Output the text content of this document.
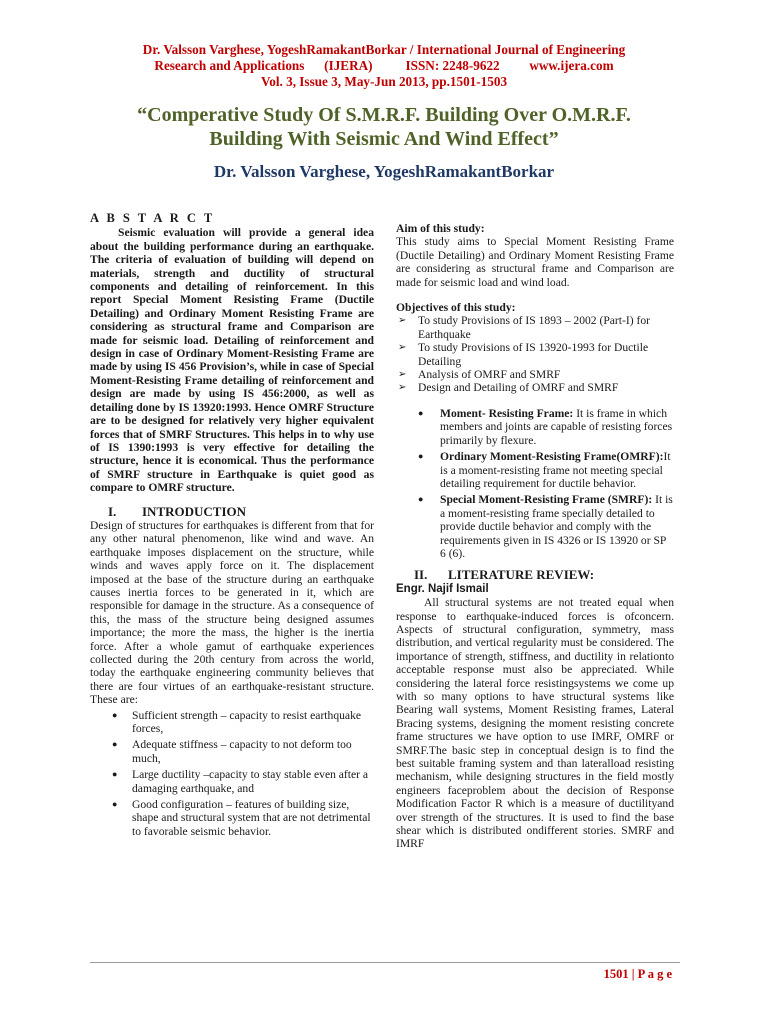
Dr. Valsson Varghese, YogeshRamakantBorkar / International Journal of Engineering
Research and Applications (IJERA) ISSN: 2248-9622 www.ijera.com
Vol. 3, Issue 3, May-Jun 2013, pp.1501-1503
“Comperative Study Of S.M.R.F. Building Over O.M.R.F.
Building With Seismic And Wind Effect”
Dr. Valsson Varghese, YogeshRamakantBorkar
A B S T A R C T

Seismic evaluation will provide a general idea about the building performance during an earthquake. The criteria of evaluation of building will depend on materials, strength and ductility of structural components and detailing of reinforcement. In this report Special Moment Resisting Frame (Ductile Detailing) and Ordinary Moment Resisting Frame are considering as structural frame and Comparison are made for seismic load. Detailing of reinforcement and design in case of Ordinary Moment-Resisting Frame are made by using IS 456 Provision’s, while in case of Special Moment-Resisting Frame detailing of reinforcement and design are made by using IS 456:2000, as well as detailing done by IS 13920:1993. Hence OMRF Structure are to be designed for relatively very higher equivalent forces that of SMRF Structures. This helps in to why use of IS 1390:1993 is very effective for detailing the structure, hence it is economical. Thus the performance of SMRF structure in Earthquake is quiet good as compare to OMRF structure.

I. INTRODUCTION

Design of structures for earthquakes is different from that for any other natural phenomenon, like wind and wave. An earthquake imposes displacement on the structure, while winds and waves apply force on it. The displacement imposed at the base of the structure during an earthquake causes inertia forces to be generated in it, which are responsible for damage in the structure. As a consequence of this, the mass of the structure being designed assumes importance; the more the mass, the higher is the inertia force. After a whole gamut of earthquake experiences collected during the 20th century from across the world, today the earthquake engineering community believes that there are four virtues of an earthquake-resistant structure. These are:

● Sufficient strength – capacity to resist earthquake forces,
● Adequate stiffness – capacity to not deform too much,
● Large ductility –capacity to stay stable even after a damaging earthquake, and
● Good configuration – features of building size, shape and structural system that are not detrimental to favorable seismic behavior.

Aim of this study:

This study aims to Special Moment Resisting Frame (Ductile Detailing) and Ordinary Moment Resisting Frame are considering as structural frame and Comparison are made for seismic load and wind load.

Objectives of this study:

➢ To study Provisions of IS 1893 – 2002 (Part-I) for Earthquake
➢ To study Provisions of IS 13920-1993 for Ductile Detailing
➢ Analysis of OMRF and SMRF
➢ Design and Detailing of OMRF and SMRF
● Moment- Resisting Frame: It is frame in which members and joints are capable of resisting forces primarily by flexure.
● Ordinary Moment-Resisting Frame(OMRF):It is a moment-resisting frame not meeting special detailing requirement for ductile behavior.
● Special Moment-Resisting Frame (SMRF): It is a moment-resisting frame specially detailed to provide ductile behavior and comply with the requirements given in IS 4326 or IS 13920 or SP 6 (6).
II. LITERATURE REVIEW:
Engr. Najif Ismail

All structural systems are not treated equal when response to earthquake-induced forces is ofconcern. Aspects of structural configuration, symmetry, mass distribution, and vertical regularity must be considered. The importance of strength, stiffness, and ductility in relationto acceptable response must also be appreciated. While considering the lateral force resistingsystems we come up with so many options to have structural systems like Bearing wall systems, Moment Resisting frames, Lateral Bracing systems, designing the moment resisting concrete frame structures we have option to use IMRF, OMRF or SMRF.The basic step in conceptual design is to find the best suitable framing system and than lateralload resisting mechanism, while designing structures in the field mostly engineers faceproblem about the decision of Response Modification Factor R which is a measure of ductilityand over strength of the structures. It is used to find the base shear which is distributed ondifferent stories. SMRF and IMRF

1501 | P a g e
